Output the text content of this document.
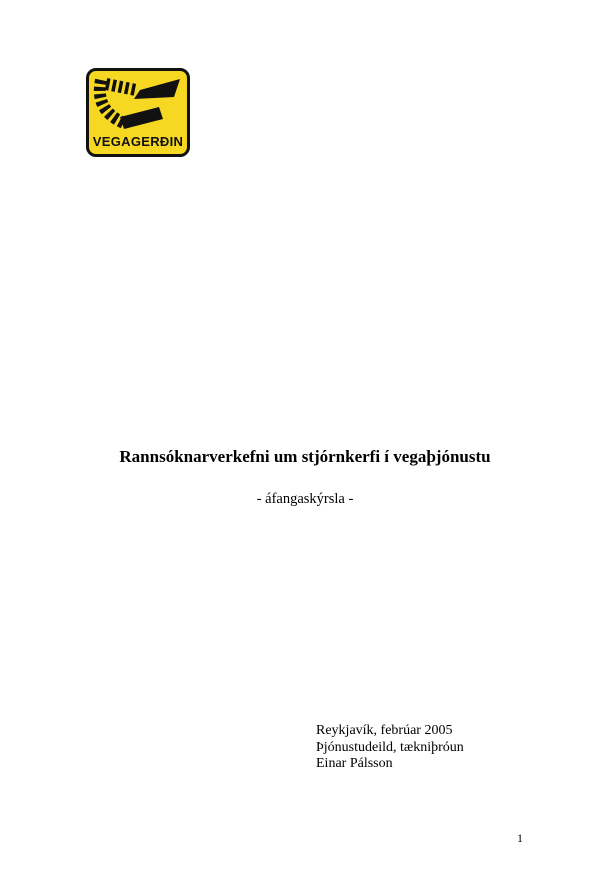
VEGAGERÐIN
Rannsóknarverkefni um stjórnkerfi í vegaþjónustu
- áfangaskýrsla -
Reykjavík, febrúar 2005
Þjónustudeild, tækniþróun
Einar Pálsson
1
